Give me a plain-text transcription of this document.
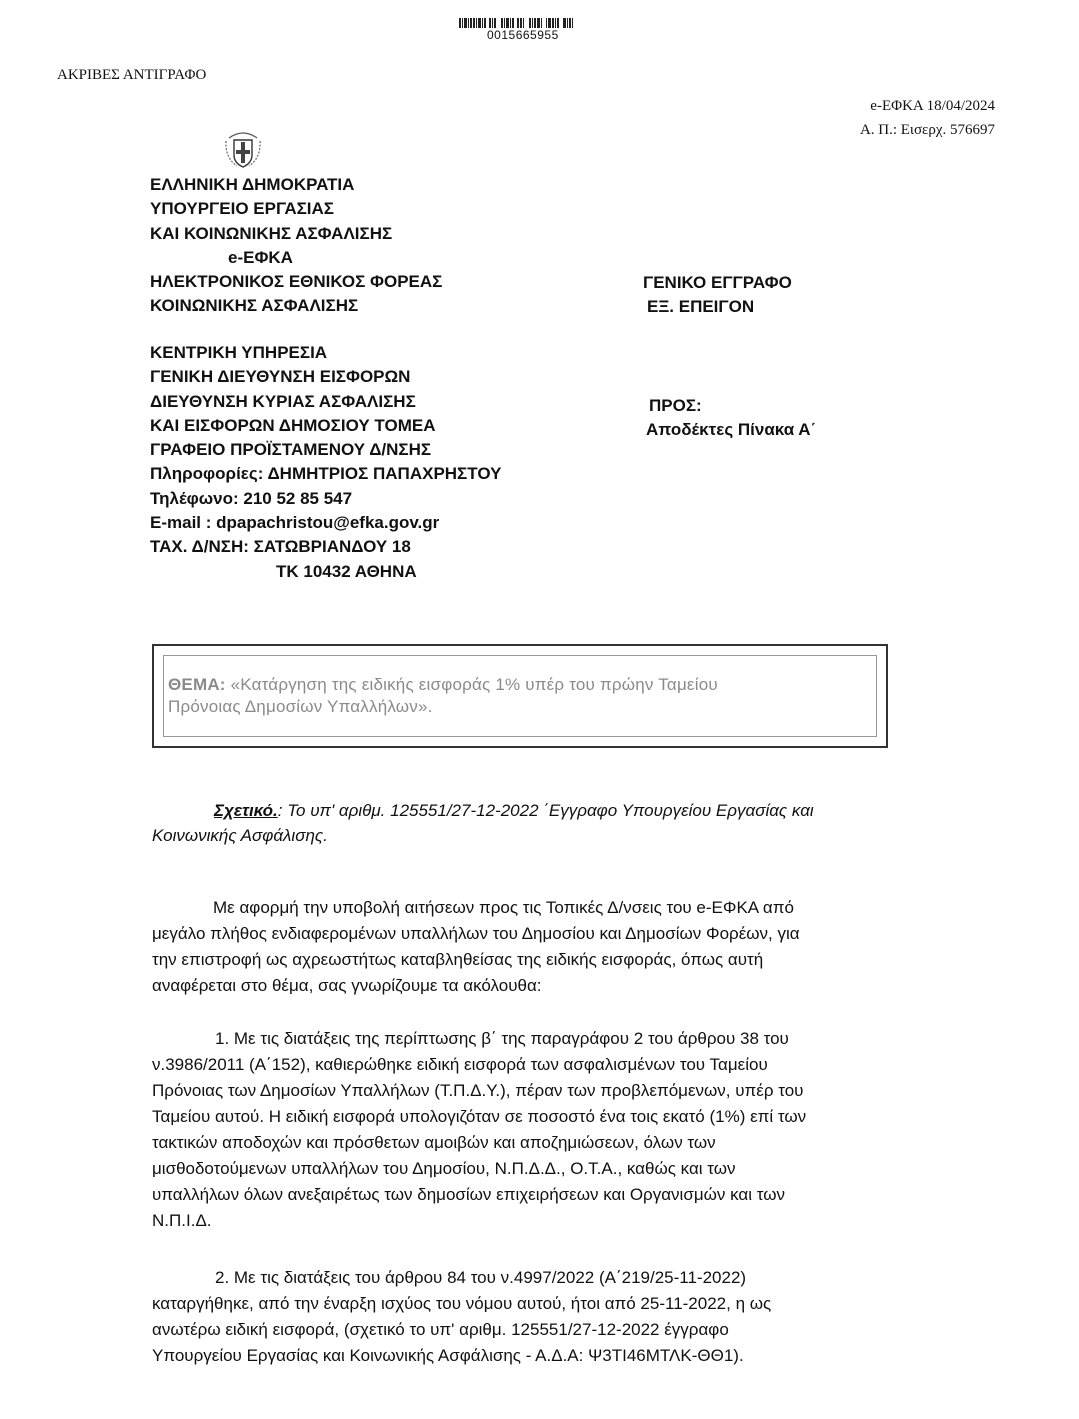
0015665955
ΑΚΡΙΒΕΣ ΑΝΤΙΓΡΑΦΟ
e-ΕΦΚΑ 18/04/2024
Α. Π.: Εισερχ. 576697
ΕΛΛΗΝΙΚΗ ΔΗΜΟΚΡΑΤΙΑ
ΥΠΟΥΡΓΕΙΟ ΕΡΓΑΣΙΑΣ
ΚΑΙ ΚΟΙΝΩΝΙΚΗΣ ΑΣΦΑΛΙΣΗΣ
e-ΕΦΚΑ
ΗΛΕΚΤΡΟΝΙΚΟΣ ΕΘΝΙΚΟΣ ΦΟΡΕΑΣ
ΚΟΙΝΩΝΙΚΗΣ ΑΣΦΑΛΙΣΗΣ
ΓΕΝΙΚΟ ΕΓΓΡΑΦΟ
ΕΞ. ΕΠΕΙΓΟΝ
ΚΕΝΤΡΙΚΗ ΥΠΗΡΕΣΙΑ
ΓΕΝΙΚΗ ΔΙΕΥΘΥΝΣΗ ΕΙΣΦΟΡΩΝ
ΔΙΕΥΘΥΝΣΗ ΚΥΡΙΑΣ ΑΣΦΑΛΙΣΗΣ
ΚΑΙ ΕΙΣΦΟΡΩΝ ΔΗΜΟΣΙΟΥ ΤΟΜΕΑ
ΓΡΑΦΕΙΟ ΠΡΟΪΣΤΑΜΕΝΟΥ Δ/ΝΣΗΣ
Πληροφορίες: ΔΗΜΗΤΡΙΟΣ ΠΑΠΑΧΡΗΣΤΟΥ
Τηλέφωνο: 210 52 85 547
E-mail : dpapachristou@efka.gov.gr
ΤΑΧ. Δ/ΝΣΗ: ΣΑΤΩΒΡΙΑΝΔΟΥ 18
ΤΚ 10432 ΑΘΗΝΑ
ΠΡΟΣ:
Αποδέκτες Πίνακα Α΄
ΘΕΜΑ: «Κατάργηση της ειδικής εισφοράς 1% υπέρ του πρώην Ταμείου
Πρόνοιας Δημοσίων Υπαλλήλων».
Σχετικό.: Το υπ' αριθμ. 125551/27-12-2022 ΄Εγγραφο Υπουργείου Εργασίας και
Κοινωνικής Ασφάλισης.
Με αφορμή την υποβολή αιτήσεων προς τις Τοπικές Δ/νσεις του e-ΕΦΚΑ από
μεγάλο πλήθος ενδιαφερομένων υπαλλήλων του Δημοσίου και Δημοσίων Φορέων, για
την επιστροφή ως αχρεωστήτως καταβληθείσας της ειδικής εισφοράς, όπως αυτή
αναφέρεται στο θέμα, σας γνωρίζουμε τα ακόλουθα:
1. Με τις διατάξεις της περίπτωσης β΄ της παραγράφου 2 του άρθρου 38 του
ν.3986/2011 (Α΄152), καθιερώθηκε ειδική εισφορά των ασφαλισμένων του Ταμείου
Πρόνοιας των Δημοσίων Υπαλλήλων (Τ.Π.Δ.Υ.), πέραν των προβλεπόμενων, υπέρ του
Ταμείου αυτού. Η ειδική εισφορά υπολογιζόταν σε ποσοστό ένα τοις εκατό (1%) επί των
τακτικών αποδοχών και πρόσθετων αμοιβών και αποζημιώσεων, όλων των
μισθοδοτούμενων υπαλλήλων του Δημοσίου, Ν.Π.Δ.Δ., Ο.Τ.Α., καθώς και των
υπαλλήλων όλων ανεξαιρέτως των δημοσίων επιχειρήσεων και Οργανισμών και των
Ν.Π.Ι.Δ.
2. Με τις διατάξεις του άρθρου 84 του ν.4997/2022 (Α΄219/25-11-2022)
καταργήθηκε, από την έναρξη ισχύος του νόμου αυτού, ήτοι από 25-11-2022, η ως
ανωτέρω ειδική εισφορά, (σχετικό το υπ' αριθμ. 125551/27-12-2022 έγγραφο
Υπουργείου Εργασίας και Κοινωνικής Ασφάλισης - Α.Δ.Α: Ψ3ΤΙ46ΜΤΛΚ-ΘΘ1).
